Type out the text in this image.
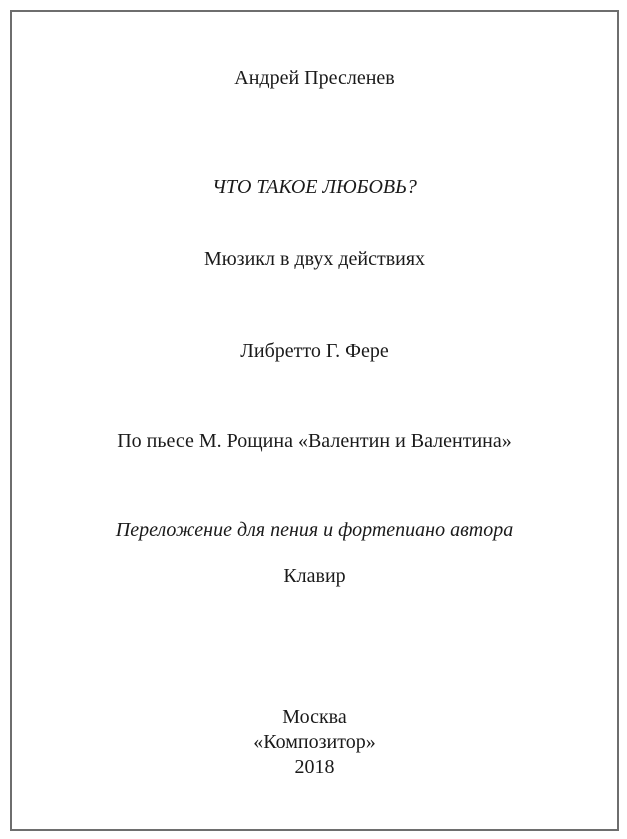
Андрей Пресленев
ЧТО ТАКОЕ ЛЮБОВЬ?
Мюзикл в двух действиях
Либретто Г. Фере
По пьесе М. Рощина «Валентин и Валентина»
Переложение для пения и фортепиано автора
Клавир
Москва
«Композитор»
2018
